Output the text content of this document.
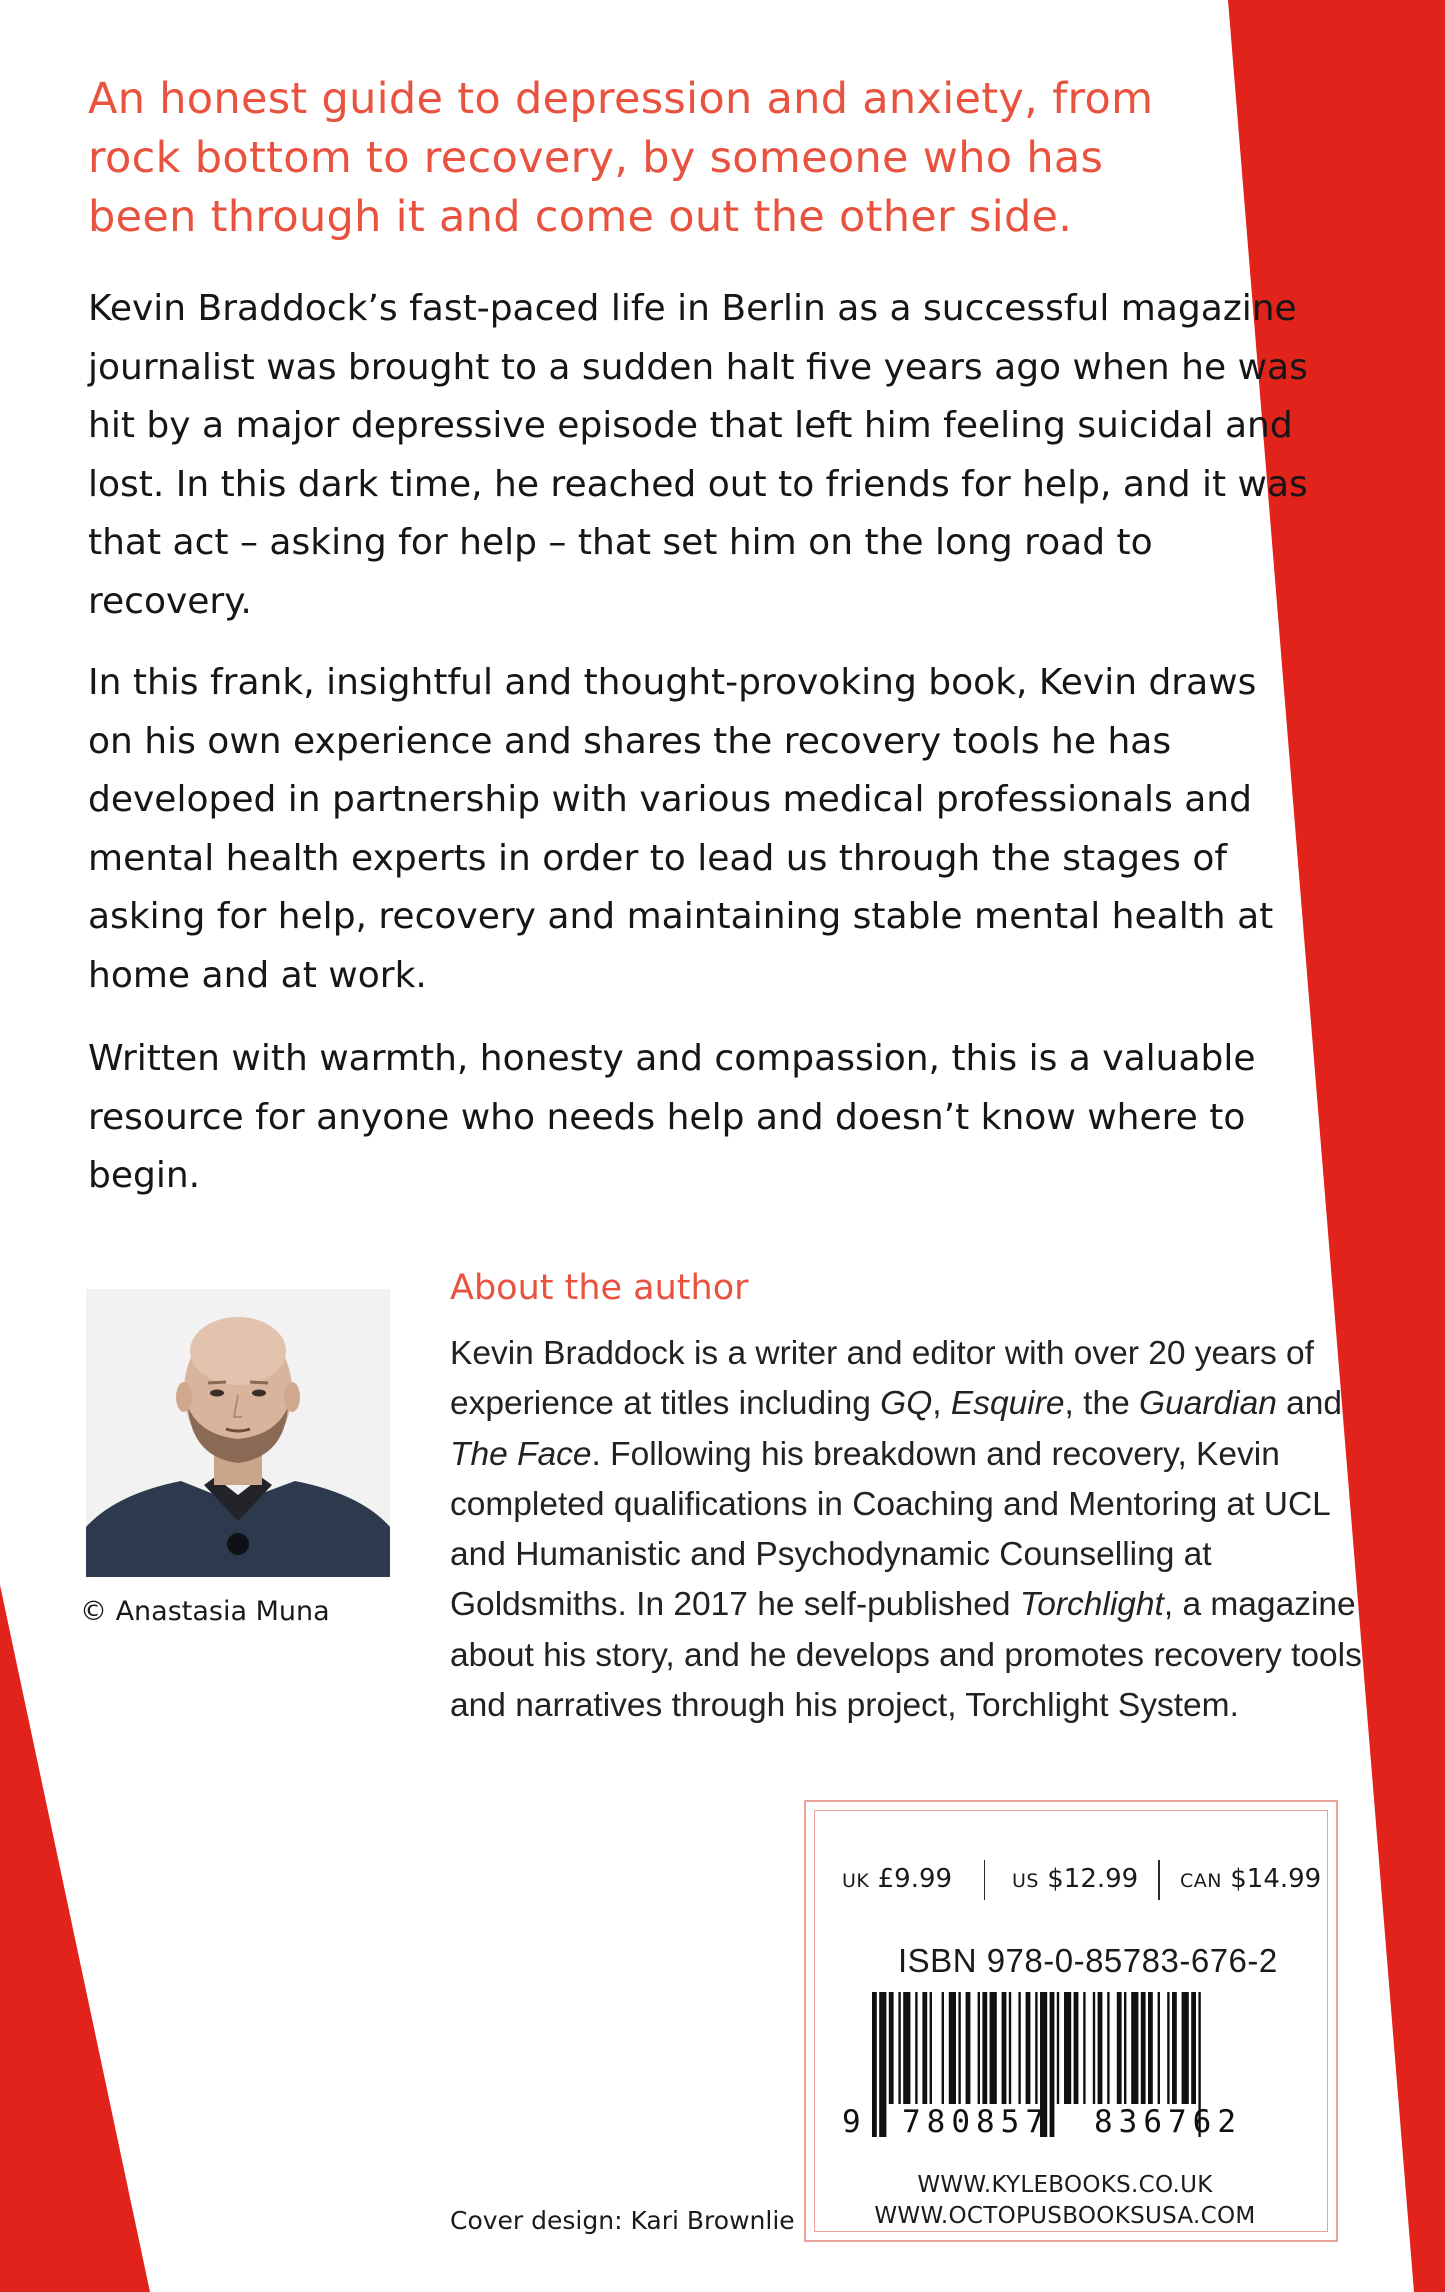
An honest guide to depression and anxiety, from rock bottom to recovery, by someone who has been through it and come out the other side.
Kevin Braddock’s fast-paced life in Berlin as a successful magazine journalist was brought to a sudden halt five years ago when he was hit by a major depressive episode that left him feeling suicidal and lost. In this dark time, he reached out to friends for help, and it was that act – asking for help – that set him on the long road to recovery.
In this frank, insightful and thought-provoking book, Kevin draws on his own experience and shares the recovery tools he has developed in partnership with various medical professionals and mental health experts in order to lead us through the stages of asking for help, recovery and maintaining stable mental health at home and at work.
Written with warmth, honesty and compassion, this is a valuable resource for anyone who needs help and doesn’t know where to begin.
© Anastasia Muna
About the author
Kevin Braddock is a writer and editor with over 20 years of experience at titles including GQ, Esquire, the Guardian and The Face. Following his breakdown and recovery, Kevin completed qualifications in Coaching and Mentoring at UCL and Humanistic and Psychodynamic Counselling at Goldsmiths. In 2017 he self-published Torchlight, a magazine about his story, and he develops and promotes recovery tools and narratives through his project, Torchlight System.
UK £9.99	US $12.99 CAN $14.99
ISBN 978-0-85783-676-2
9 780857 836762
WWW.KYLEBOOKS.CO.UK
WWW.OCTOPUSBOOKSUSA.COM
Cover design: Kari Brownlie
